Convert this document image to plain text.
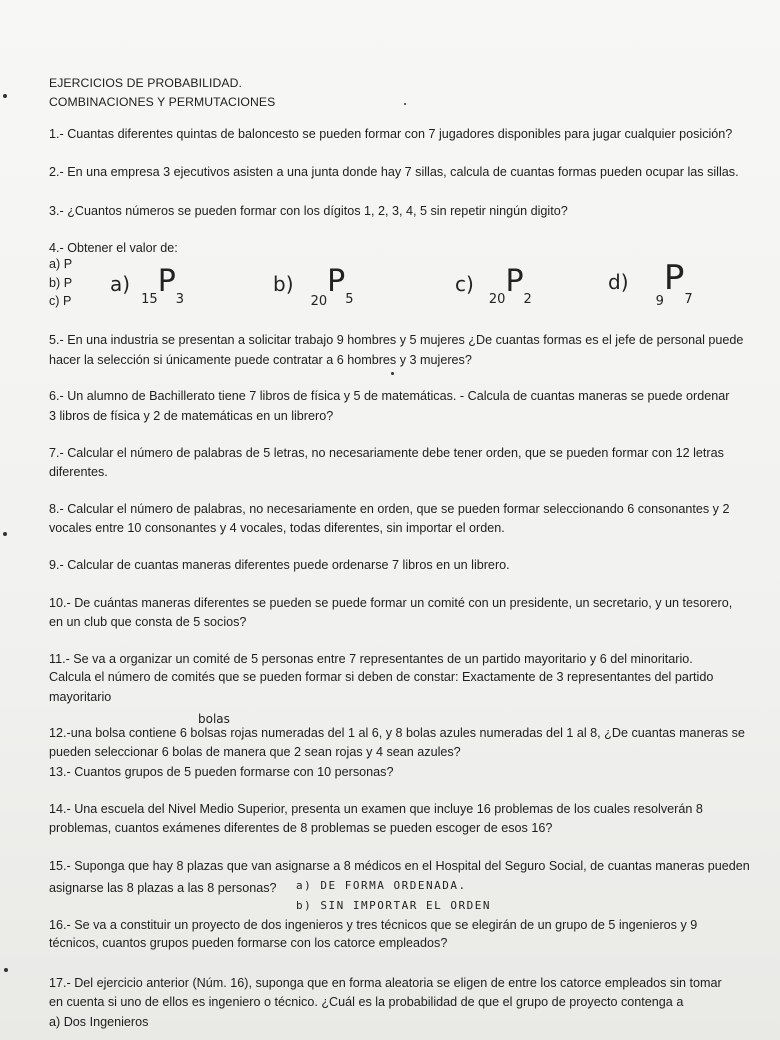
EJERCICIOS DE PROBABILIDAD.
COMBINACIONES Y PERMUTACIONES
1.- Cuantas diferentes quintas de baloncesto se pueden formar con 7 jugadores disponibles para jugar cualquier posición?
2.- En una empresa 3 ejecutivos asisten a una junta donde hay 7 sillas, calcula de cuantas formas pueden ocupar las sillas.
3.- ¿Cuantos números se pueden formar con los dígitos 1, 2, 3, 4, 5 sin repetir ningún digito?
4.- Obtener el valor de:
a) P
b) P
c) P
a) $_{15}P_3$
b) $_{20}P_5$
c) $_{20}P_2$
d) $_9P_7$
5.- En una industria se presentan a solicitar trabajo 9 hombres y 5 mujeres ¿De cuantas formas es el jefe de personal puede
hacer la selección si únicamente puede contratar a 6 hombres y 3 mujeres?
6.- Un alumno de Bachillerato tiene 7 libros de física y 5 de matemáticas. - Calcula de cuantas maneras se puede ordenar
3 libros de física y 2 de matemáticas en un librero?
7.- Calcular el número de palabras de 5 letras, no necesariamente debe tener orden, que se pueden formar con 12 letras
diferentes.
8.- Calcular el número de palabras, no necesariamente en orden, que se pueden formar seleccionando 6 consonantes y 2
vocales entre 10 consonantes y 4 vocales, todas diferentes, sin importar el orden.
9.- Calcular de cuantas maneras diferentes puede ordenarse 7 libros en un librero.
10.- De cuántas maneras diferentes se pueden se puede formar un comité con un presidente, un secretario, y un tesorero,
en un club que consta de 5 socios?
11.- Se va a organizar un comité de 5 personas entre 7 representantes de un partido mayoritario y 6 del minoritario.
Calcula el número de comités que se pueden formar si deben de constar: Exactamente de 3 representantes del partido
mayoritario
bolas
12.-una bolsa contiene 6 bolsas rojas numeradas del 1 al 6, y 8 bolas azules numeradas del 1 al 8, ¿De cuantas maneras se
pueden seleccionar 6 bolas de manera que 2 sean rojas y 4 sean azules?
13.- Cuantos grupos de 5 pueden formarse con 10 personas?
14.- Una escuela del Nivel Medio Superior, presenta un examen que incluye 16 problemas de los cuales resolverán 8
problemas, cuantos exámenes diferentes de 8 problemas se pueden escoger de esos 16?
15.- Suponga que hay 8 plazas que van asignarse a 8 médicos en el Hospital del Seguro Social, de cuantas maneras pueden
asignarse las 8 plazas a las 8 personas? a) DE FORMA ORDENADA.
b) SIN IMPORTAR EL ORDEN
16.- Se va a constituir un proyecto de dos ingenieros y tres técnicos que se elegirán de un grupo de 5 ingenieros y 9
técnicos, cuantos grupos pueden formarse con los catorce empleados?
17.- Del ejercicio anterior (Núm. 16), suponga que en forma aleatoria se eligen de entre los catorce empleados sin tomar
en cuenta si uno de ellos es ingeniero o técnico. ¿Cuál es la probabilidad de que el grupo de proyecto contenga a
a) Dos Ingenieros
